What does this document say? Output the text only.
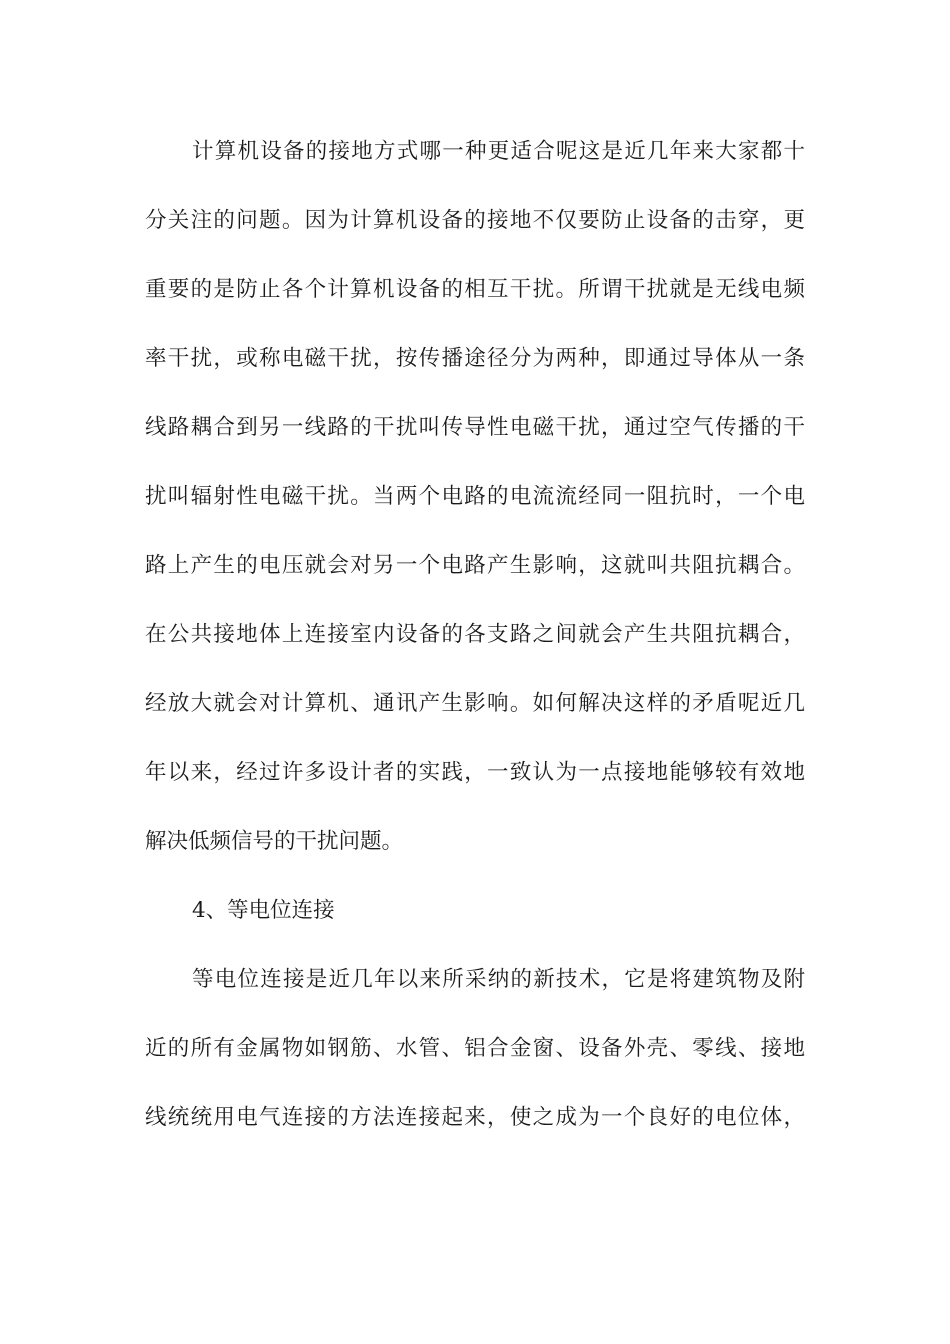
计算机设备的接地方式哪一种更适合呢这是近几年来大家都十
分关注的问题。因为计算机设备的接地不仅要防止设备的击穿，更
重要的是防止各个计算机设备的相互干扰。所谓干扰就是无线电频
率干扰，或称电磁干扰，按传播途径分为两种，即通过导体从一条
线路耦合到另一线路的干扰叫传导性电磁干扰，通过空气传播的干
扰叫辐射性电磁干扰。当两个电路的电流流经同一阻抗时，一个电
路上产生的电压就会对另一个电路产生影响，这就叫共阻抗耦合。
在公共接地体上连接室内设备的各支路之间就会产生共阻抗耦合，
经放大就会对计算机、通讯产生影响。如何解决这样的矛盾呢近几
年以来，经过许多设计者的实践，一致认为一点接地能够较有效地
解决低频信号的干扰问题。
4、等电位连接
等电位连接是近几年以来所采纳的新技术，它是将建筑物及附
近的所有金属物如钢筋、水管、铝合金窗、设备外壳、零线、接地
线统统用电气连接的方法连接起来，使之成为一个良好的电位体，
